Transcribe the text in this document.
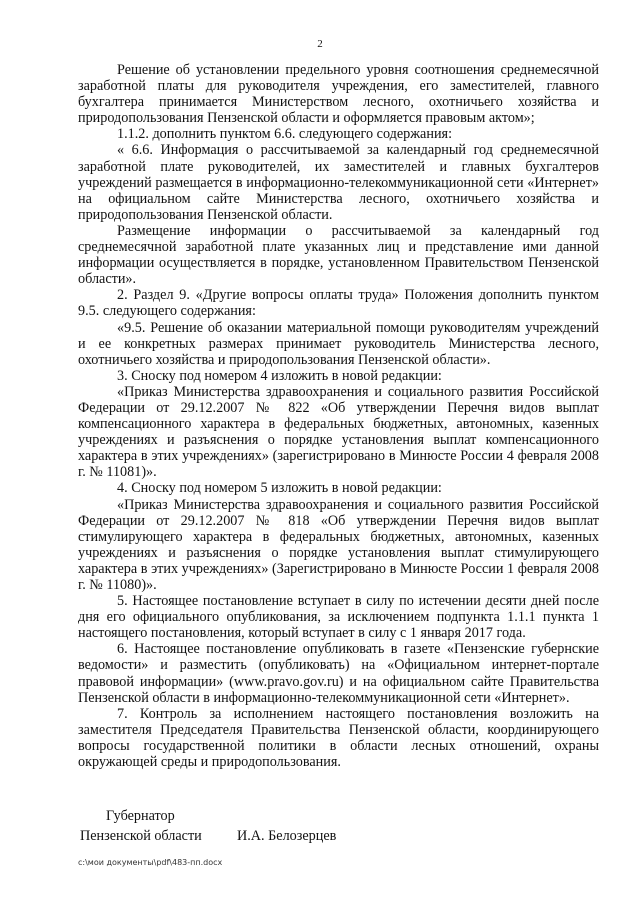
2

Решение об установлении предельного уровня соотношения среднемесячной заработной платы для руководителя учреждения, его заместителей, главного бухгалтера принимается Министерством лесного, охотничьего хозяйства и природопользования Пензенской области и оформляется правовым актом»;

1.1.2. дополнить пунктом 6.6. следующего содержания:

« 6.6. Информация о рассчитываемой за календарный год среднемесячной заработной плате руководителей, их заместителей и главных бухгалтеров учреждений размещается в информационно-телекоммуникационной сети «Интернет» на официальном сайте Министерства лесного, охотничьего хозяйства и природопользования Пензенской области.

Размещение информации о рассчитываемой за календарный год среднемесячной заработной плате указанных лиц и представление ими данной информации осуществляется в порядке, установленном Правительством Пензенской области».

2. Раздел 9. «Другие вопросы оплаты труда» Положения дополнить пунктом 9.5. следующего содержания:

«9.5. Решение об оказании материальной помощи руководителям учреждений и ее конкретных размерах принимает руководитель Министерства лесного, охотничьего хозяйства и природопользования Пензенской области».

3. Сноску под номером 4 изложить в новой редакции:

«Приказ Министерства здравоохранения и социального развития Российской Федерации от 29.12.2007 № 822 «Об утверждении Перечня видов выплат компенсационного характера в федеральных бюджетных, автономных, казенных учреждениях и разъяснения о порядке установления выплат компенсационного характера в этих учреждениях» (зарегистрировано в Минюсте России 4 февраля 2008 г. № 11081)».

4. Сноску под номером 5 изложить в новой редакции:

«Приказ Министерства здравоохранения и социального развития Российской Федерации от 29.12.2007 № 818 «Об утверждении Перечня видов выплат стимулирующего характера в федеральных бюджетных, автономных, казенных учреждениях и разъяснения о порядке установления выплат стимулирующего характера в этих учреждениях» (Зарегистрировано в Минюсте России 1 февраля 2008 г. № 11080)».

5. Настоящее постановление вступает в силу по истечении десяти дней после дня его официального опубликования, за исключением подпункта 1.1.1 пункта 1 настоящего постановления, который вступает в силу с 1 января 2017 года.

6. Настоящее постановление опубликовать в газете «Пензенские губернские ведомости» и разместить (опубликовать) на «Официальном интернет-портале правовой информации» (www.pravo.gov.ru) и на официальном сайте Правительства Пензенской области в информационно-телекоммуникационной сети «Интернет».

7. Контроль за исполнением настоящего постановления возложить на заместителя Председателя Правительства Пензенской области, координирующего вопросы государственной политики в области лесных отношений, охраны окружающей среды и природопользования.

Губернатор
Пензенской области	И.А. Белозерцев
c:\мои документы\pdf\483-пп.docx
